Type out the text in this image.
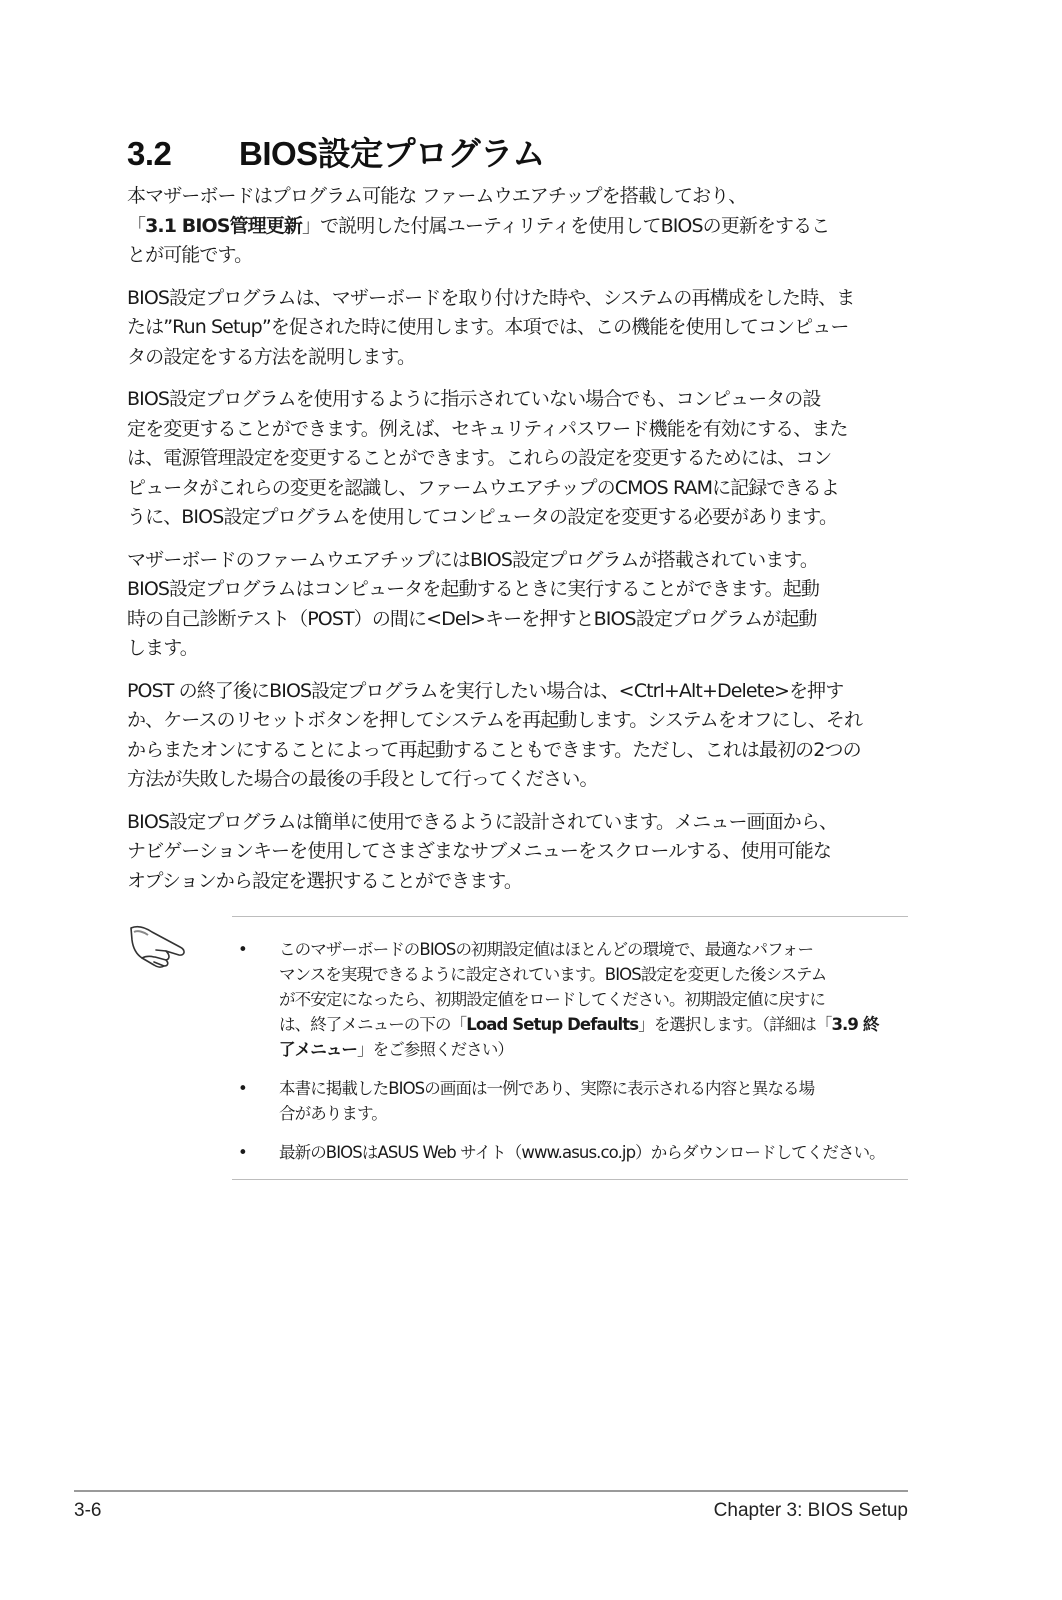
3.2 BIOS設定プログラム

本マザーボードはプログラム可能な ファームウエアチップを搭載しており、
「3.1 BIOS管理更新」で説明した付属ユーティリティを使用してBIOSの更新をするこ
とが可能です。

BIOS設定プログラムは、マザーボードを取り付けた時や、システムの再構成をした時、ま
たは”Run Setup”を促された時に使用します。本項では、この機能を使用してコンピュー
タの設定をする方法を説明します。

BIOS設定プログラムを使用するように指示されていない場合でも、コンピュータの設
定を変更することができます。例えば、セキュリティパスワード機能を有効にする、また
は、電源管理設定を変更することができます。これらの設定を変更するためには、コン
ピュータがこれらの変更を認識し、ファームウエアチップのCMOS RAMに記録できるよ
うに、BIOS設定プログラムを使用してコンピュータの設定を変更する必要があります。

マザーボードのファームウエアチップにはBIOS設定プログラムが搭載されています。
BIOS設定プログラムはコンピュータを起動するときに実行することができます。起動
時の自己診断テスト（POST）の間に<Del>キーを押すとBIOS設定プログラムが起動
します。

POST の終了後にBIOS設定プログラムを実行したい場合は、<Ctrl+Alt+Delete>を押す
か、ケースのリセットボタンを押してシステムを再起動します。システムをオフにし、それ
からまたオンにすることによって再起動することもできます。ただし、これは最初の2つの
方法が失敗した場合の最後の手段として行ってください。

BIOS設定プログラムは簡単に使用できるように設計されています。メニュー画面から、
ナビゲーションキーを使用してさまざまなサブメニューをスクロールする、使用可能な
オプションから設定を選択することができます。

• このマザーボードのBIOSの初期設定値はほとんどの環境で、最適なパフォー
マンスを実現できるように設定されています。BIOS設定を変更した後システム
が不安定になったら、初期設定値をロードしてください。初期設定値に戻すに
は、終了メニューの下の「Load Setup Defaults」を選択します。（詳細は「3.9 終
了メニュー」をご参照ください）
• 本書に掲載したBIOSの画面は一例であり、実際に表示される内容と異なる場
合があります。
• 最新のBIOSはASUS Web サイト（www.asus.co.jp）からダウンロードしてください。
3-6	Chapter 3: BIOS Setup
